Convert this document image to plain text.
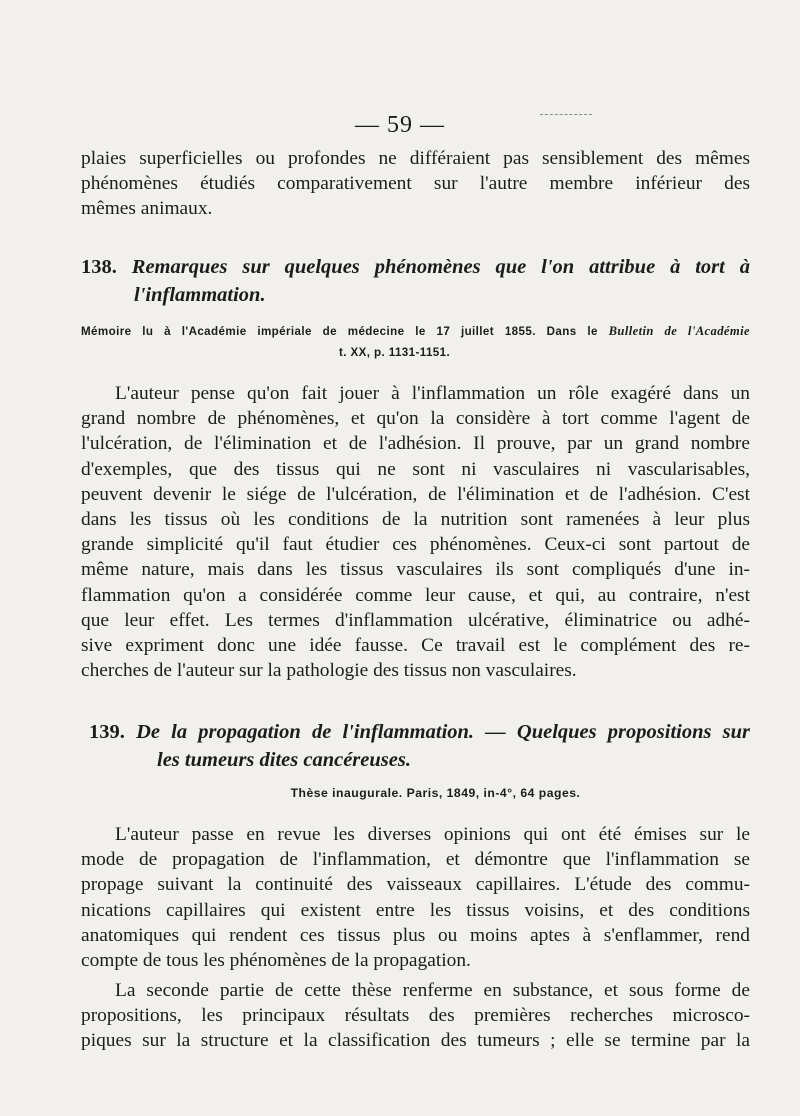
— 59 —
plaies superficielles ou profondes ne différaient pas sensiblement des mêmes
phénomènes étudiés comparativement sur l'autre membre inférieur des
mêmes animaux.
138. Remarques sur quelques phénomènes que l'on attribue à tort à
l'inflammation.
Mémoire lu à l'Académie impériale de médecine le 17 juillet 1855. Dans le Bulletin de l'Académie
t. XX, p. 1131-1151.
L'auteur pense qu'on fait jouer à l'inflammation un rôle exagéré dans un
grand nombre de phénomènes, et qu'on la considère à tort comme l'agent de
l'ulcération, de l'élimination et de l'adhésion. Il prouve, par un grand nombre
d'exemples, que des tissus qui ne sont ni vasculaires ni vascularisables,
peuvent devenir le siége de l'ulcération, de l'élimination et de l'adhésion. C'est
dans les tissus où les conditions de la nutrition sont ramenées à leur plus
grande simplicité qu'il faut étudier ces phénomènes. Ceux-ci sont partout de
même nature, mais dans les tissus vasculaires ils sont compliqués d'une in-
flammation qu'on a considérée comme leur cause, et qui, au contraire, n'est
que leur effet. Les termes d'inflammation ulcérative, éliminatrice ou adhé-
sive expriment donc une idée fausse. Ce travail est le complément des re-
cherches de l'auteur sur la pathologie des tissus non vasculaires.
139. De la propagation de l'inflammation. — Quelques propositions sur
les tumeurs dites cancéreuses.
Thèse inaugurale. Paris, 1849, in-4°, 64 pages.
L'auteur passe en revue les diverses opinions qui ont été émises sur le
mode de propagation de l'inflammation, et démontre que l'inflammation se
propage suivant la continuité des vaisseaux capillaires. L'étude des commu-
nications capillaires qui existent entre les tissus voisins, et des conditions
anatomiques qui rendent ces tissus plus ou moins aptes à s'enflammer, rend
compte de tous les phénomènes de la propagation.
La seconde partie de cette thèse renferme en substance, et sous forme de
propositions, les principaux résultats des premières recherches microsco-
piques sur la structure et la classification des tumeurs ; elle se termine par la
